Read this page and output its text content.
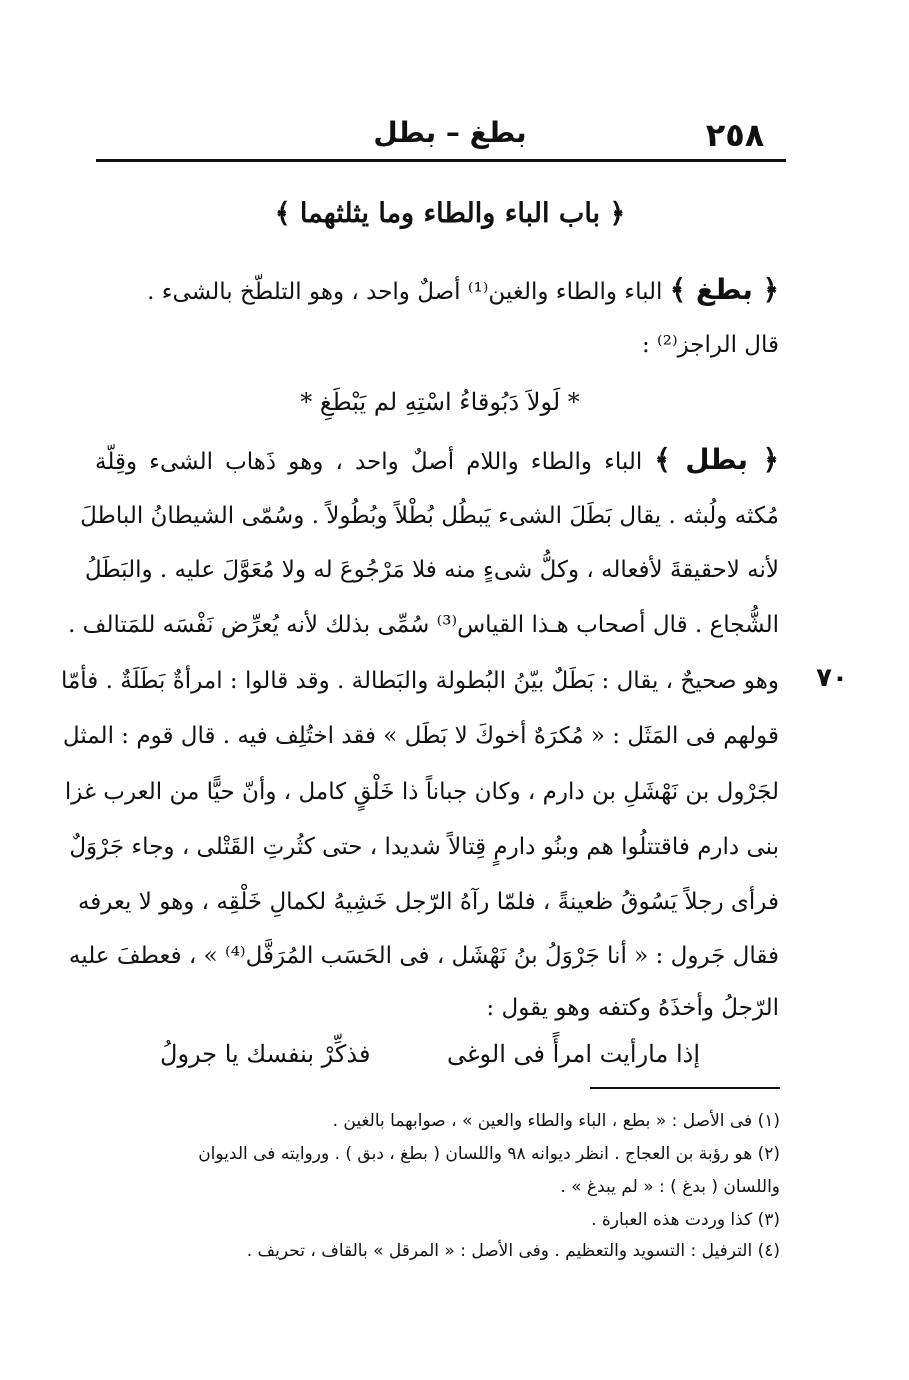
٢٥٨
بطغ – بطل
﴿ باب الباء والطاء وما يثلثهما ﴾
﴿ بطغ ﴾ الباء والطاء والغين⁽¹⁾ أصلٌ واحد ، وهو التلطّخ بالشىء .
قال الراجز⁽²⁾ :
* لَولاَ دَبُوقاءُ اسْتِهِ لم يَبْطَغِ *
﴿ بطل ﴾ الباء والطاء واللام أصلٌ واحد ، وهو ذَهاب الشىء وقِلّة
مُكثه ولُبثه . يقال بَطَلَ الشىء يَبطُل بُطْلاً وبُطُولاً . وسُمّى الشيطانُ الباطلَ
لأنه لاحقيقةَ لأفعاله ، وكلُّ شىءٍ منه فلا مَرْجُوعَ له ولا مُعَوَّلَ عليه . والبَطَلُ
الشُّجاع . قال أصحاب هـذا القياس⁽³⁾ سُمِّى بذلك لأنه يُعرِّض نَفْسَه للمَتالف .
وهو صحيحٌ ، يقال : بَطَلٌ بيّنُ البُطولة والبَطالة . وقد قالوا : امرأةٌ بَطَلَةٌ . فأمّا ٧٠
قولهم فى المَثَل : « مُكرَهٌ أخوكَ لا بَطَل » فقد اختُلِف فيه . قال قوم : المثل
لجَرْول بن نَهْشَلِ بن دارم ، وكان جباناً ذا خَلْقٍ كامل ، وأنّ حيًّا من العرب غزا
بنى دارم فاقتتلُوا هم وبنُو دارمٍ قِتالاً شديدا ، حتى كثُرتِ القَتْلى ، وجاء جَرْوَلٌ
فرأى رجلاً يَسُوقُ ظعينةً ، فلمّا رآهُ الرّجل خَشِيهُ لكمالِ خَلْقِه ، وهو لا يعرفه
فقال جَرول : « أنا جَرْوَلُ بنُ نَهْشَل ، فى الحَسَب المُرَفَّل⁽⁴⁾ » ، فعطفَ عليه
الرّجلُ وأخذَهُ وكتفه وهو يقول :
إذا مارأيت امرأً فى الوغى
فذكِّرْ بنفسك يا جرولُ
(١) فى الأصل : « بطع ، الباء والطاء والعين » ، صوابهما بالغين .
(٢) هو رؤبة بن العجاج . انظر ديوانه ٩٨ واللسان ( بطغ ، دبق ) . وروايته فى الديوان
واللسان ( بدغ ) : « لم يبدغ » .
(٣) كذا وردت هذه العبارة .
(٤) الترفيل : التسويد والتعظيم . وفى الأصل : « المرقل » بالقاف ، تحريف .
